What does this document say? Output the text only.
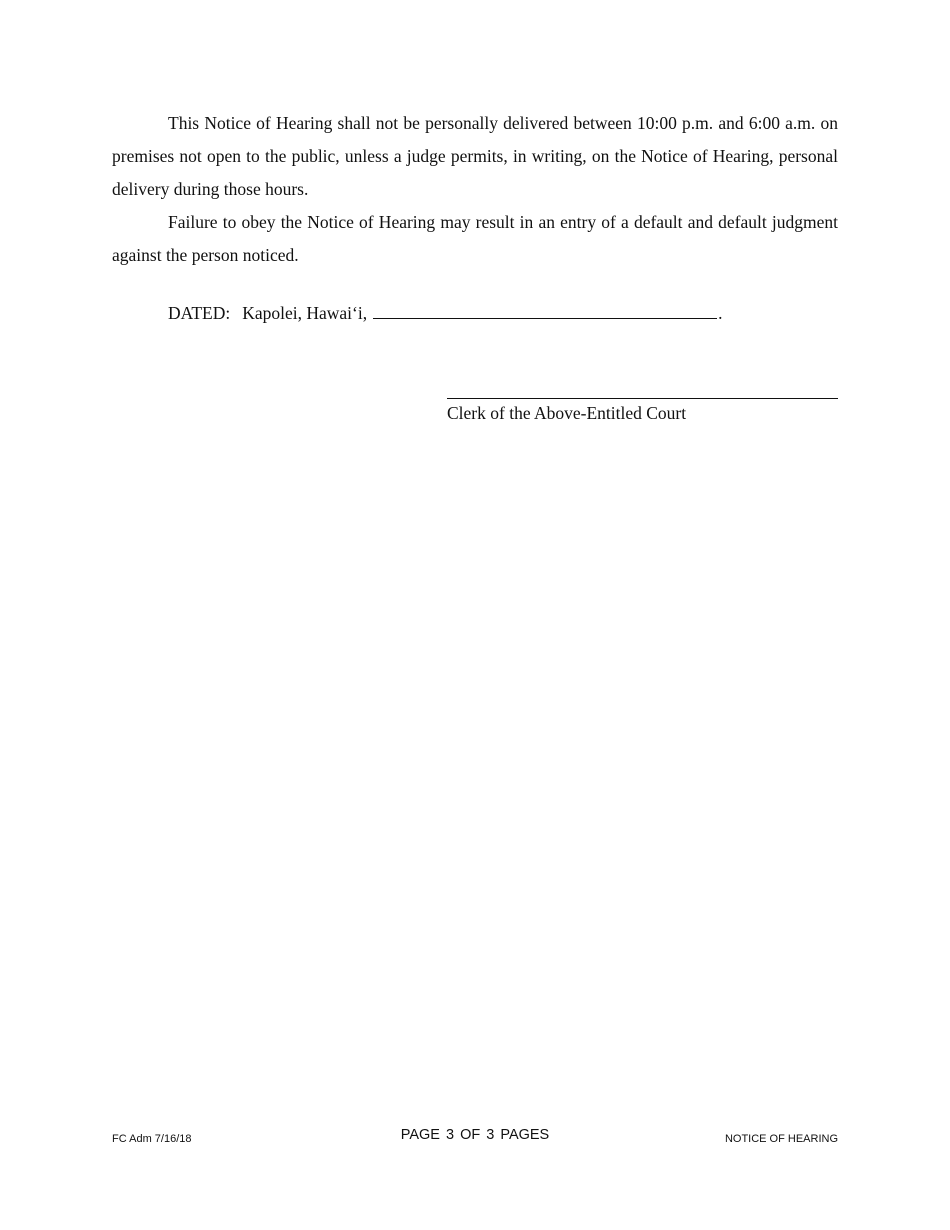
This Notice of Hearing shall not be personally delivered between 10:00 p.m. and 6:00 a.m. on premises not open to the public, unless a judge permits, in writing, on the Notice of Hearing, personal delivery during those hours.

Failure to obey the Notice of Hearing may result in an entry of a default and default judgment against the person noticed.

DATED: Kapolei, Hawai‘i,	.
Clerk of the Above-Entitled Court
FC Adm 7/16/18	PAGE 3 OF 3 PAGES	NOTICE OF HEARING
